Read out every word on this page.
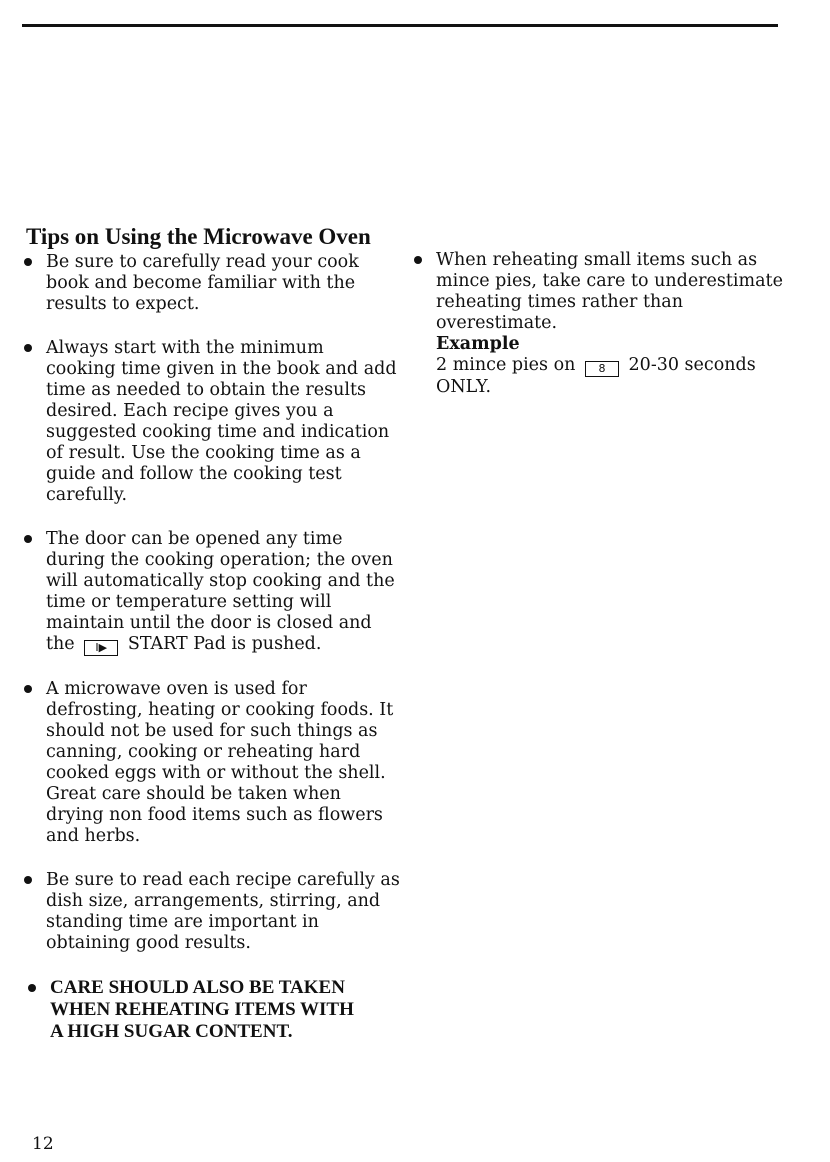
Tips on Using the Microwave Oven
Be sure to carefully read your cook
book and become familiar with the
results to expect.
Always start with the minimum
cooking time given in the book and add
time as needed to obtain the results
desired. Each recipe gives you a
suggested cooking time and indication
of result. Use the cooking time as a
guide and follow the cooking test
carefully.
The door can be opened any time
during the cooking operation; the oven
will automatically stop cooking and the
time or temperature setting will
maintain until the door is closed and
the I▶ START Pad is pushed.
A microwave oven is used for
defrosting, heating or cooking foods. It
should not be used for such things as
canning, cooking or reheating hard
cooked eggs with or without the shell.
Great care should be taken when
drying non food items such as flowers
and herbs.
Be sure to read each recipe carefully as
dish size, arrangements, stirring, and
standing time are important in
obtaining good results.
CARE SHOULD ALSO BE TAKEN
WHEN REHEATING ITEMS WITH
A HIGH SUGAR CONTENT.
When reheating small items such as
mince pies, take care to underestimate
reheating times rather than
overestimate.
Example
2 mince pies on 8 20-30 seconds
ONLY.
12
